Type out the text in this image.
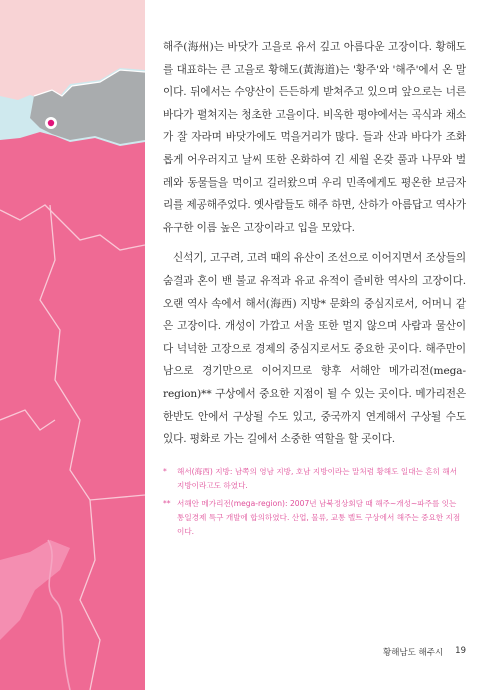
해주(海州)는 바닷가 고을로 유서 깊고 아름다운 고장이다. 황해도를 대표하는 큰 고을로 황해도(黃海道)는 '황주'와 '해주'에서 온 말이다. 뒤에서는 수양산이 든든하게 받쳐주고 있으며 앞으로는 너른 바다가 펼쳐지는 청초한 고을이다. 비옥한 평야에서는 곡식과 채소가 잘 자라며 바닷가에도 먹을거리가 많다. 들과 산과 바다가 조화롭게 어우러지고 날씨 또한 온화하여 긴 세월 온갖 풀과 나무와 벌레와 동물들을 먹이고 길러왔으며 우리 민족에게도 평온한 보금자리를 제공해주었다. 옛사람들도 해주 하면, 산하가 아름답고 역사가 유구한 이름 높은 고장이라고 입을 모았다.

신석기, 고구려, 고려 때의 유산이 조선으로 이어지면서 조상들의 숨결과 혼이 밴 불교 유적과 유교 유적이 즐비한 역사의 고장이다. 오랜 역사 속에서 해서(海西) 지방* 문화의 중심지로서, 어머니 같은 고장이다. 개성이 가깝고 서울 또한 멀지 않으며 사람과 물산이 다 넉넉한 고장으로 경제의 중심지로서도 중요한 곳이다. 해주만이 남으로 경기만으로 이어지므로 향후 서해안 메가리전(mega-region)** 구상에서 중요한 지점이 될 수 있는 곳이다. 메가리전은 한반도 안에서 구상될 수도 있고, 중국까지 연계해서 구상될 수도 있다. 평화로 가는 길에서 소중한 역할을 할 곳이다.

*	해서(海西) 지방: 남쪽의 영남 지방, 호남 지방이라는 말처럼 황해도 일대는 흔히 해서 지방이라고도 하였다.
** 서해안 메가리전(mega-region): 2007년 남북정상회담 때 해주~개성~파주를 잇는 통일경제 특구 개발에 합의하였다. 산업, 물류, 교통 벨트 구상에서 해주는 중요한 지점이다.
황해남도 해주시 19
